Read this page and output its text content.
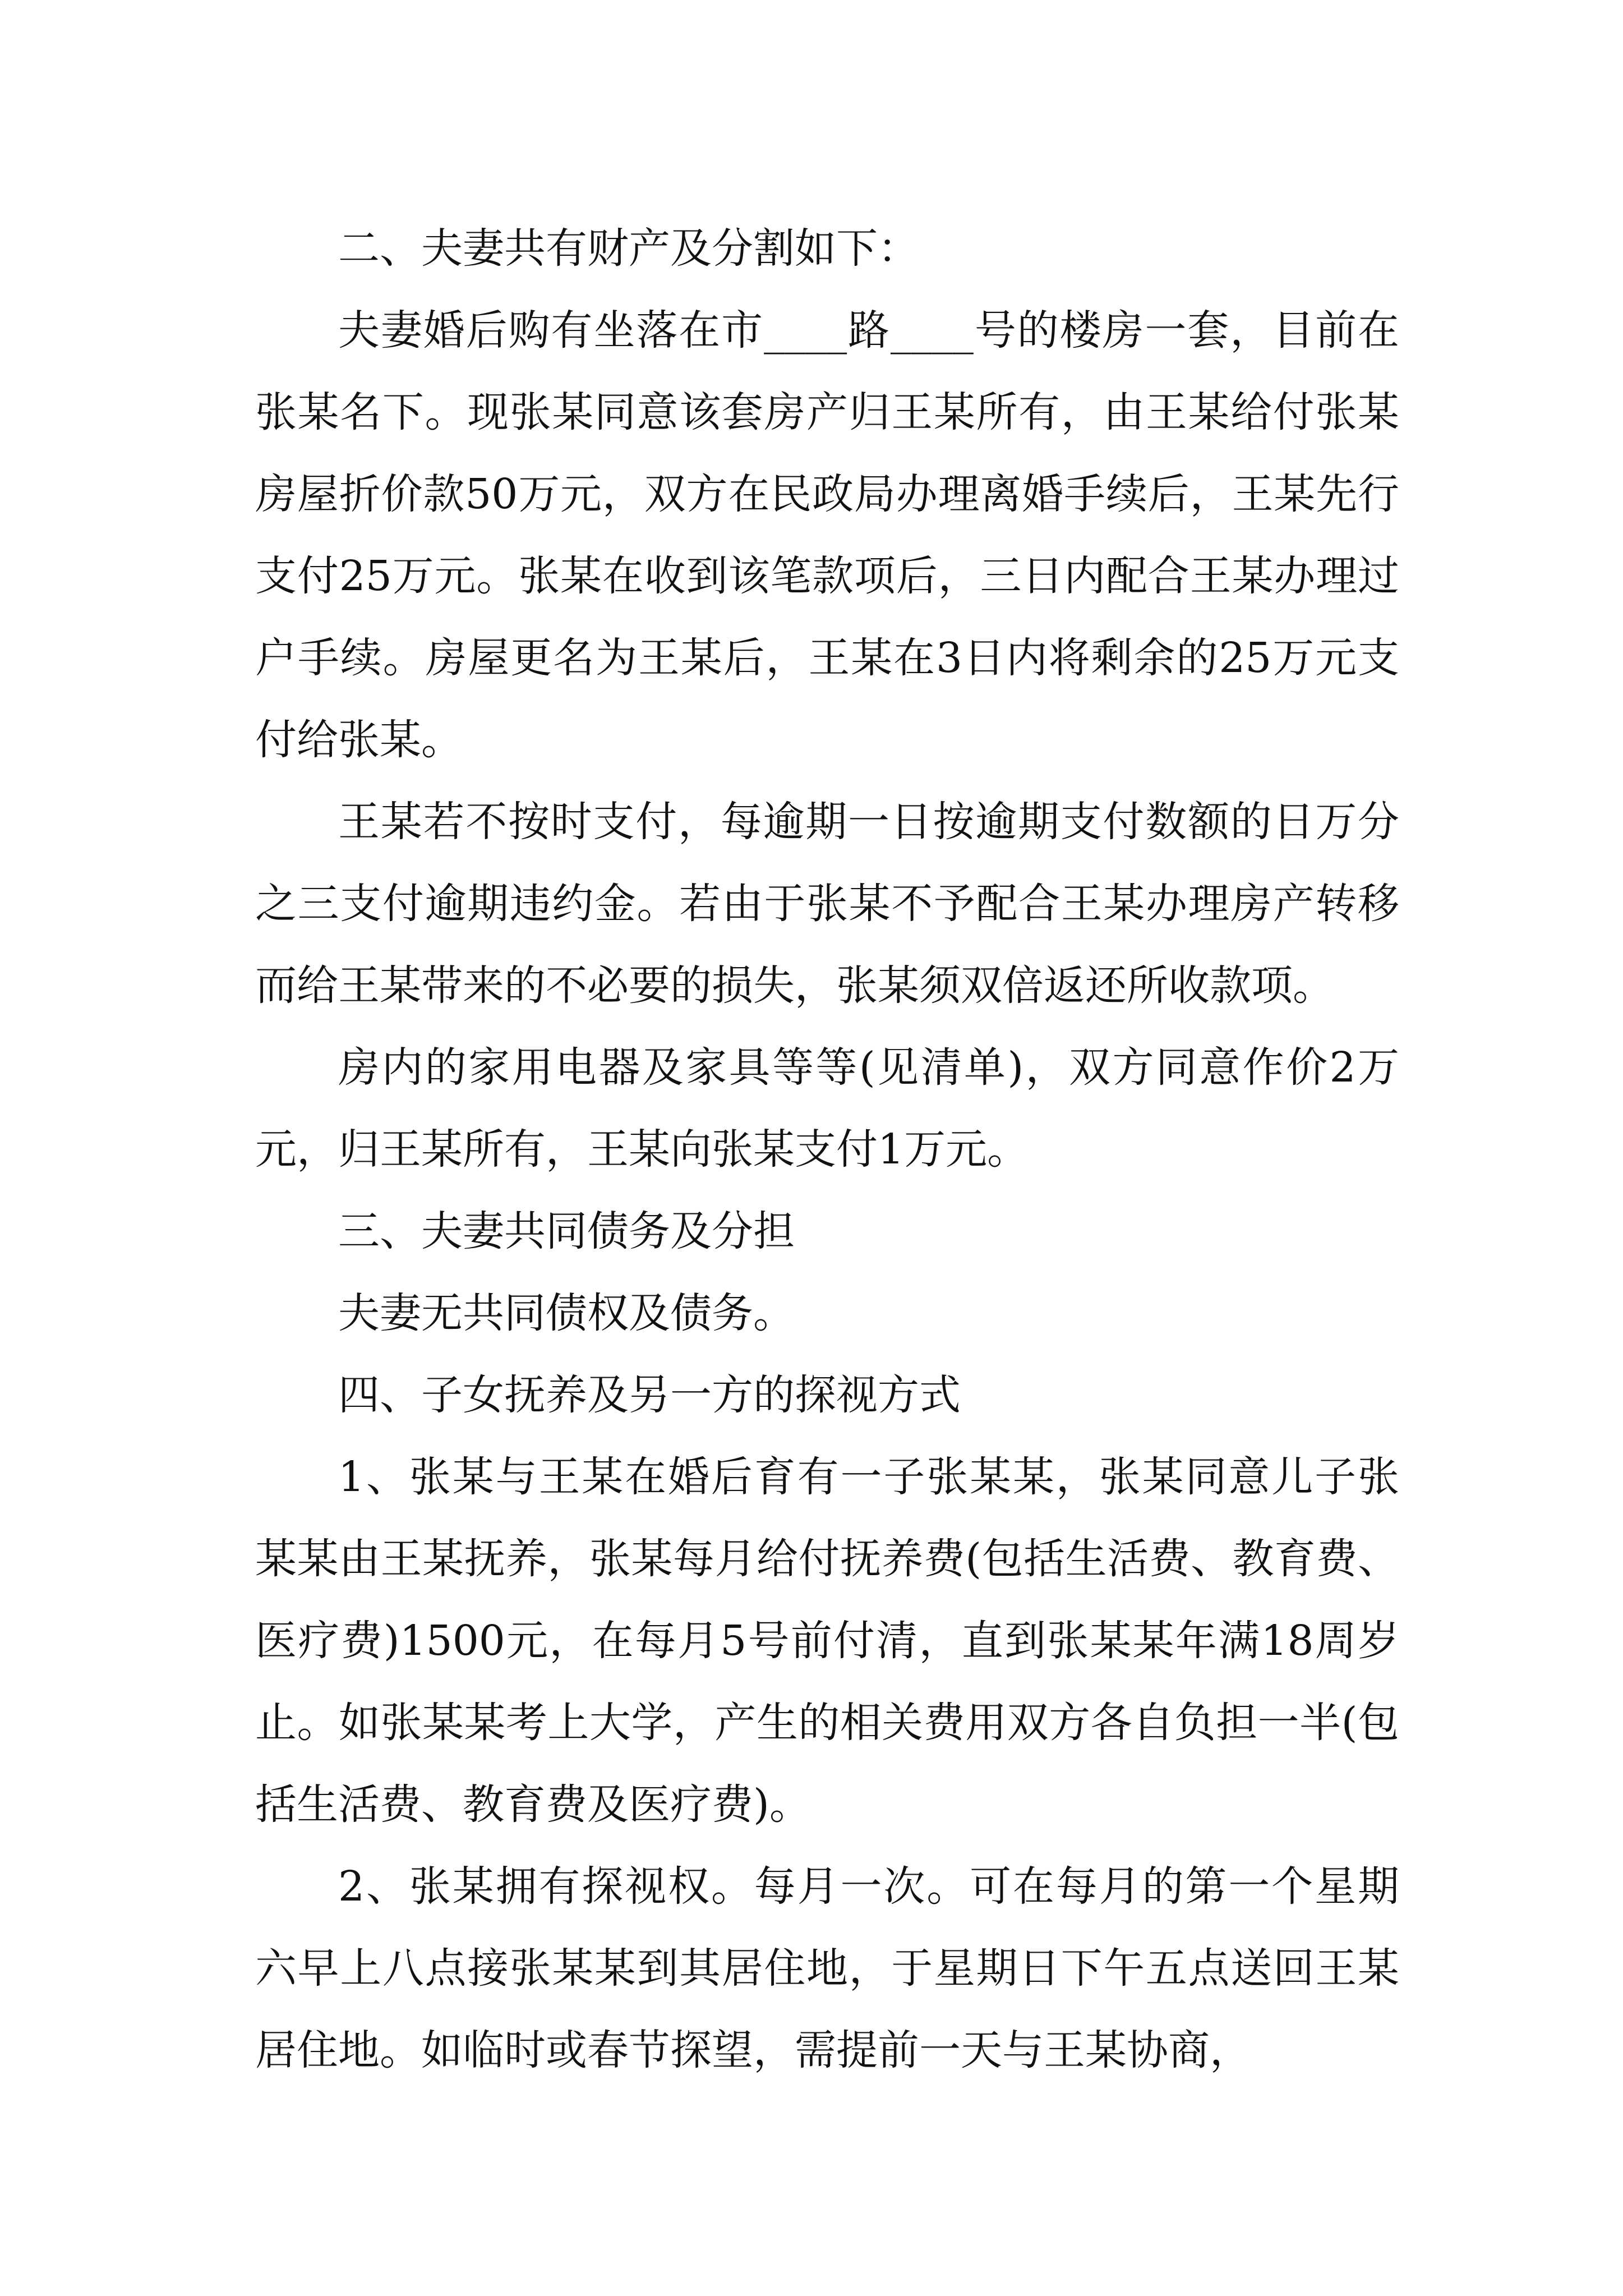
二、夫妻共有财产及分割如下：

夫妻婚后购有坐落在市____路____号的楼房一套，目前在张某名下。现张某同意该套房产归王某所有，由王某给付张某房屋折价款50万元，双方在民政局办理离婚手续后，王某先行支付25万元。张某在收到该笔款项后，三日内配合王某办理过户手续。房屋更名为王某后，王某在3日内将剩余的25万元支付给张某。

王某若不按时支付，每逾期一日按逾期支付数额的日万分之三支付逾期违约金。若由于张某不予配合王某办理房产转移而给王某带来的不必要的损失，张某须双倍返还所收款项。

房内的家用电器及家具等等(见清单)，双方同意作价2万元，归王某所有，王某向张某支付1万元。

三、夫妻共同债务及分担

夫妻无共同债权及债务。

四、子女抚养及另一方的探视方式

1、张某与王某在婚后育有一子张某某，张某同意儿子张某某由王某抚养，张某每月给付抚养费(包括生活费、教育费、医疗费)1500元，在每月5号前付清，直到张某某年满18周岁止。如张某某考上大学，产生的相关费用双方各自负担一半(包括生活费、教育费及医疗费)。

2、张某拥有探视权。每月一次。可在每月的第一个星期六早上八点接张某某到其居住地，于星期日下午五点送回王某居住地。如临时或春节探望，需提前一天与王某协商，
